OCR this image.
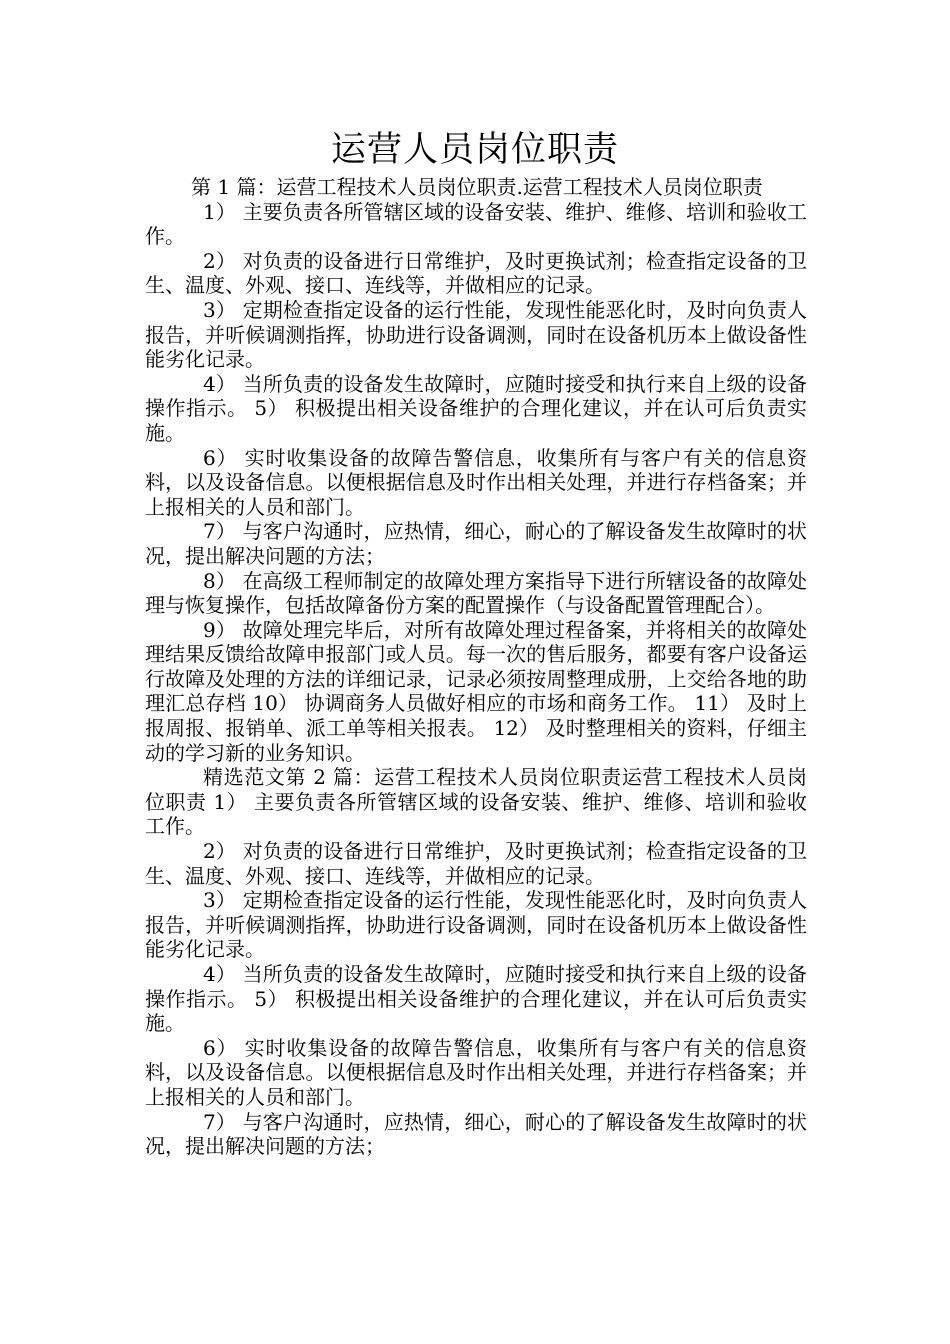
运营人员岗位职责

第 1 篇：运营工程技术人员岗位职责.运营工程技术人员岗位职责

1） 主要负责各所管辖区域的设备安装、维护、维修、培训和验收工作。

2） 对负责的设备进行日常维护，及时更换试剂；检查指定设备的卫生、温度、外观、接口、连线等，并做相应的记录。

3） 定期检查指定设备的运行性能，发现性能恶化时，及时向负责人报告，并听候调测指挥，协助进行设备调测，同时在设备机历本上做设备性能劣化记录。

4） 当所负责的设备发生故障时，应随时接受和执行来自上级的设备操作指示。 5） 积极提出相关设备维护的合理化建议，并在认可后负责实施。

6） 实时收集设备的故障告警信息，收集所有与客户有关的信息资料，以及设备信息。以便根据信息及时作出相关处理，并进行存档备案；并上报相关的人员和部门。

7） 与客户沟通时，应热情，细心，耐心的了解设备发生故障时的状况，提出解决问题的方法；

8） 在高级工程师制定的故障处理方案指导下进行所辖设备的故障处理与恢复操作，包括故障备份方案的配置操作（与设备配置管理配合）。

9） 故障处理完毕后，对所有故障处理过程备案，并将相关的故障处理结果反馈给故障申报部门或人员。每一次的售后服务，都要有客户设备运行故障及处理的方法的详细记录，记录必须按周整理成册，上交给各地的助理汇总存档 10） 协调商务人员做好相应的市场和商务工作。 11） 及时上报周报、报销单、派工单等相关报表。 12） 及时整理相关的资料，仔细主动的学习新的业务知识。

精选范文第 2 篇：运营工程技术人员岗位职责运营工程技术人员岗位职责 1） 主要负责各所管辖区域的设备安装、维护、维修、培训和验收工作。

2） 对负责的设备进行日常维护，及时更换试剂；检查指定设备的卫生、温度、外观、接口、连线等，并做相应的记录。

3） 定期检查指定设备的运行性能，发现性能恶化时，及时向负责人报告，并听候调测指挥，协助进行设备调测，同时在设备机历本上做设备性能劣化记录。

4） 当所负责的设备发生故障时，应随时接受和执行来自上级的设备操作指示。 5） 积极提出相关设备维护的合理化建议，并在认可后负责实施。

6） 实时收集设备的故障告警信息，收集所有与客户有关的信息资料，以及设备信息。以便根据信息及时作出相关处理，并进行存档备案；并上报相关的人员和部门。

7） 与客户沟通时，应热情，细心，耐心的了解设备发生故障时的状况，提出解决问题的方法；
